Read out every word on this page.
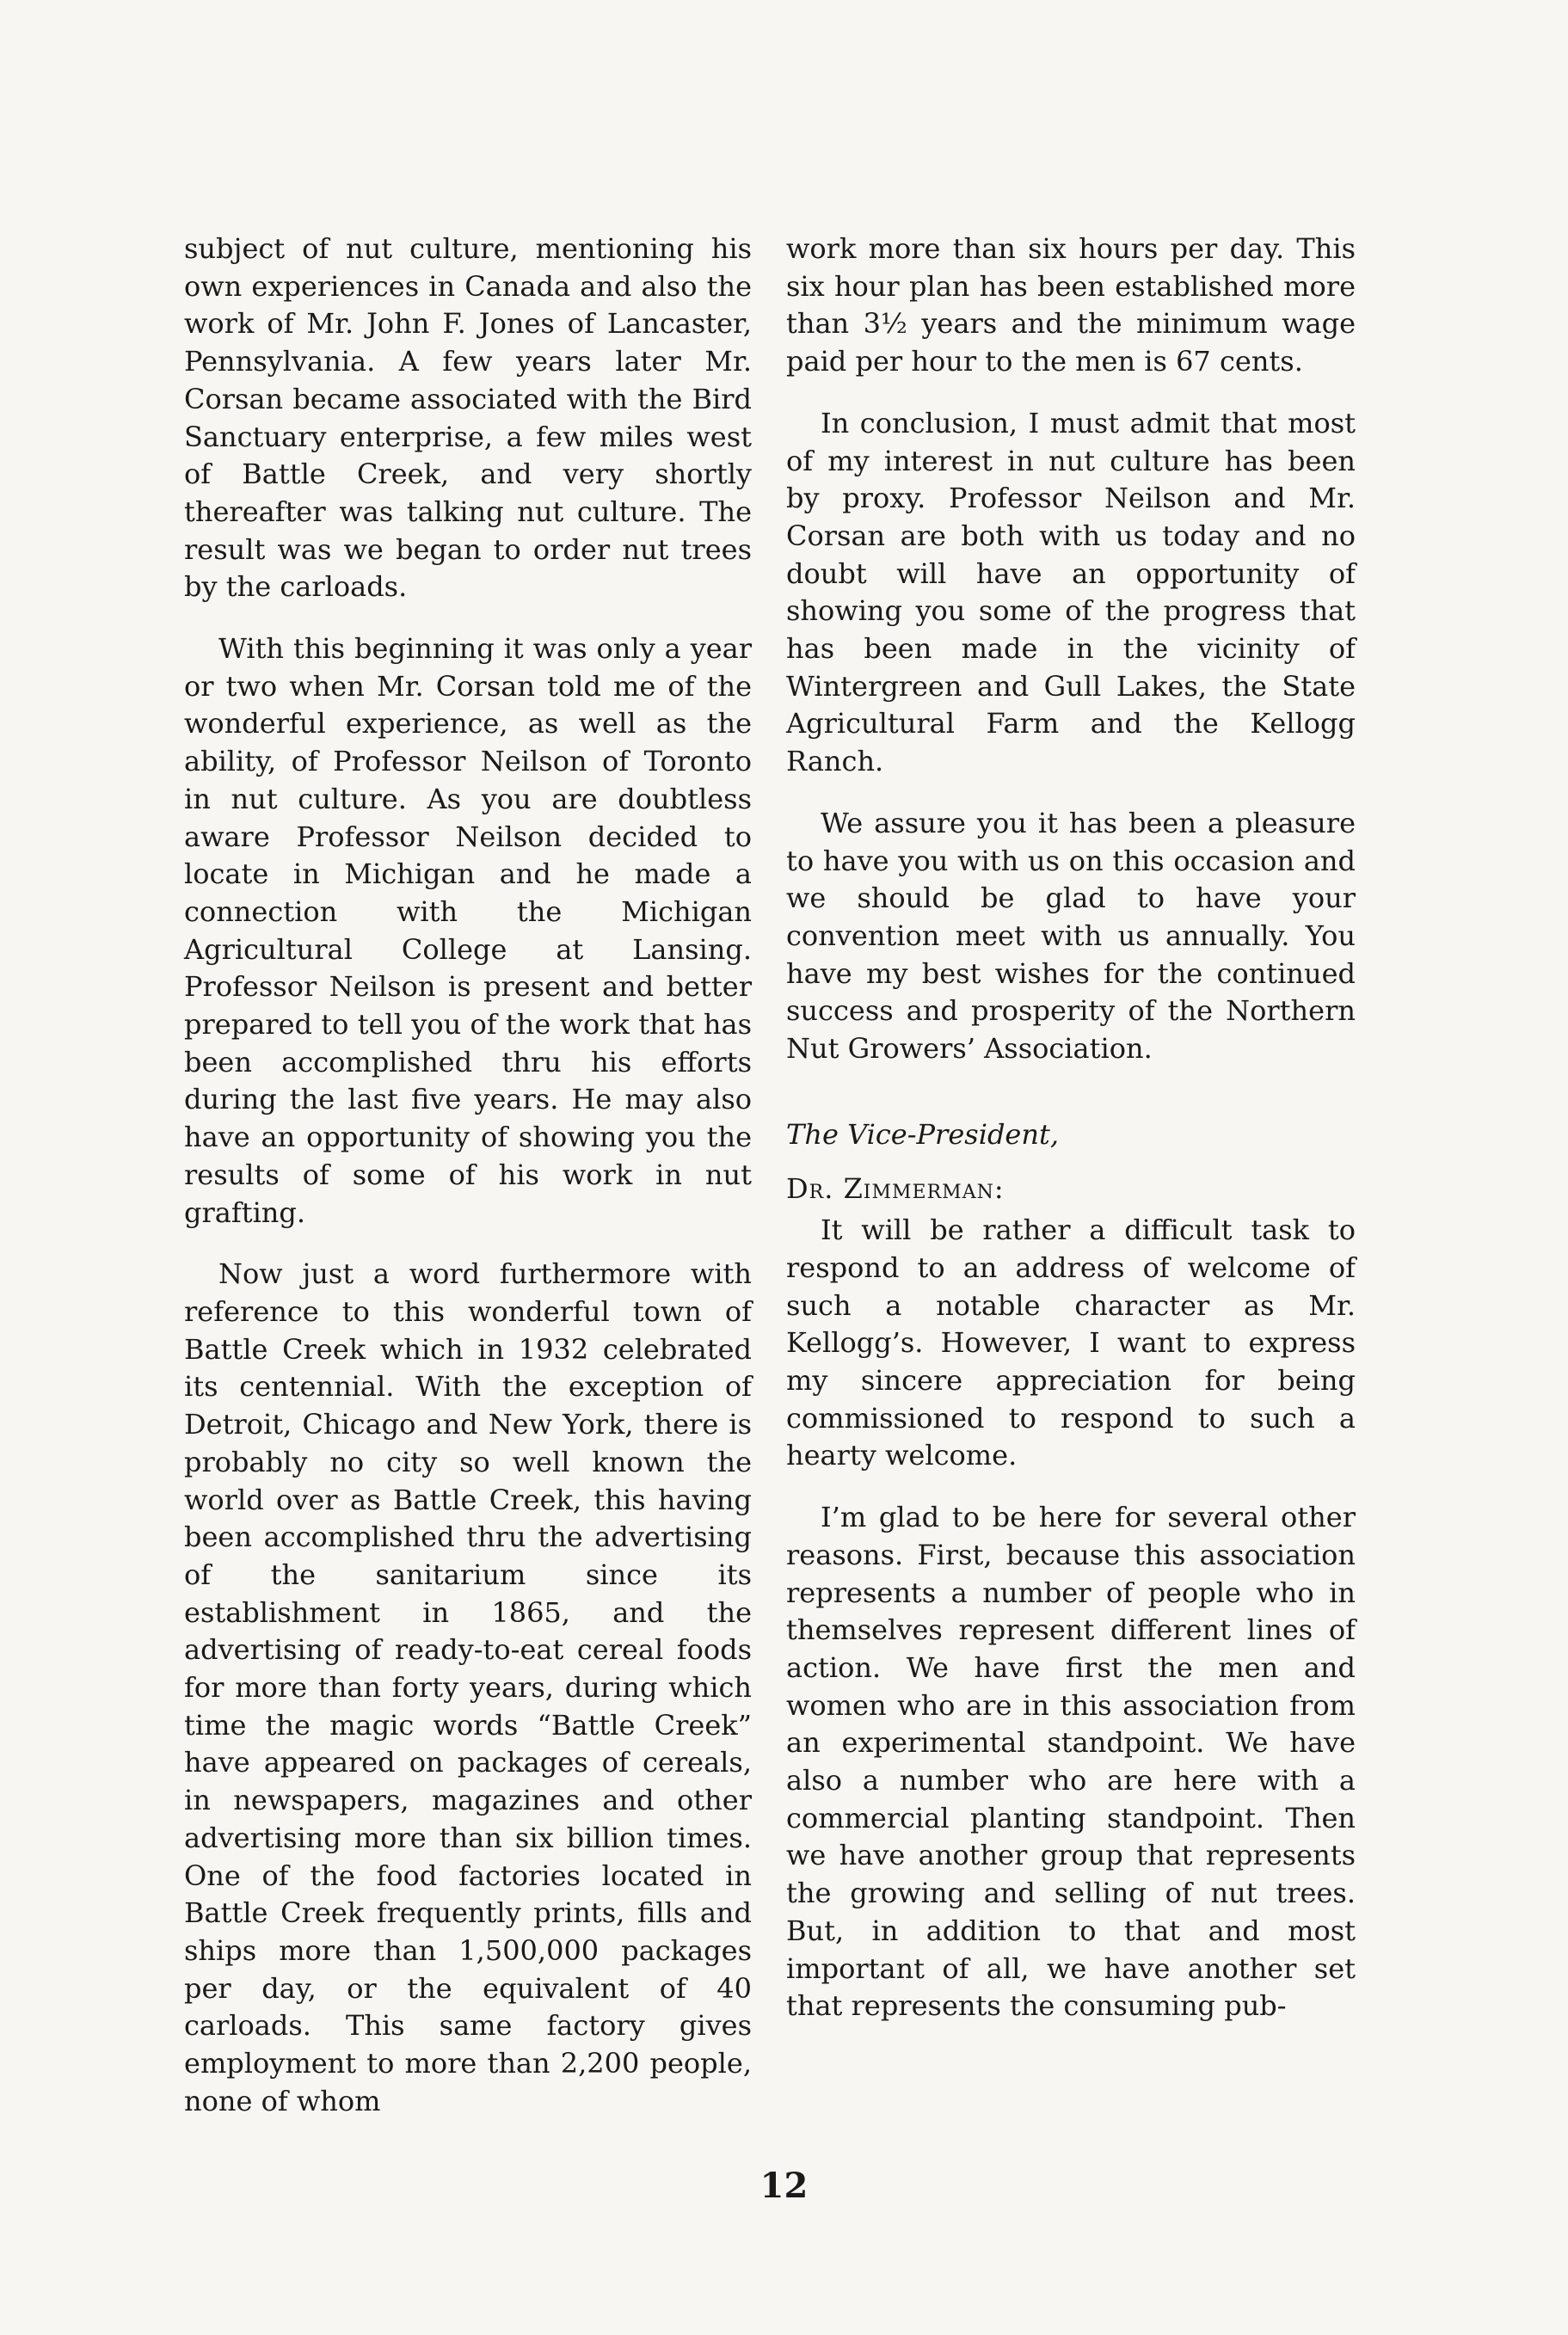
subject of nut culture, mentioning his own experiences in Canada and also the work of Mr. John F. Jones of Lancaster, Pennsylvania. A few years later Mr. Corsan became associated with the Bird Sanctuary enterprise, a few miles west of Battle Creek, and very shortly thereafter was talking nut culture. The result was we began to order nut trees by the carloads.

With this beginning it was only a year or two when Mr. Corsan told me of the wonderful experience, as well as the ability, of Professor Neilson of Toronto in nut culture. As you are doubtless aware Professor Neilson decided to locate in Michigan and he made a connection with the Michigan Agricultural College at Lansing. Professor Neilson is present and better prepared to tell you of the work that has been accomplished thru his efforts during the last five years. He may also have an opportunity of showing you the results of some of his work in nut grafting.

Now just a word furthermore with reference to this wonderful town of Battle Creek which in 1932 celebrated its centennial. With the exception of Detroit, Chicago and New York, there is probably no city so well known the world over as Battle Creek, this having been accomplished thru the advertising of the sanitarium since its establishment in 1865, and the advertising of ready-to-eat cereal foods for more than forty years, during which time the magic words “Battle Creek” have appeared on packages of cereals, in newspapers, magazines and other advertising more than six billion times. One of the food factories located in Battle Creek frequently prints, fills and ships more than 1,500,000 packages per day, or the equivalent of 40 carloads. This same factory gives employment to more than 2,200 people, none of whom

work more than six hours per day. This six hour plan has been established more than 3½ years and the minimum wage paid per hour to the men is 67 cents.

In conclusion, I must admit that most of my interest in nut culture has been by proxy. Professor Neilson and Mr. Corsan are both with us today and no doubt will have an opportunity of showing you some of the progress that has been made in the vicinity of Wintergreen and Gull Lakes, the State Agricultural Farm and the Kellogg Ranch.

We assure you it has been a pleasure to have you with us on this occasion and we should be glad to have your convention meet with us annually. You have my best wishes for the continued success and prosperity of the Northern Nut Growers’ Association.

The Vice-President,

Dr. Zimmerman:

It will be rather a difficult task to respond to an address of welcome of such a notable character as Mr. Kellogg’s. However, I want to express my sincere appreciation for being commissioned to respond to such a hearty welcome.

I’m glad to be here for several other reasons. First, because this association represents a number of people who in themselves represent different lines of action. We have first the men and women who are in this association from an experimental standpoint. We have also a number who are here with a commercial planting standpoint. Then we have another group that represents the growing and selling of nut trees. But, in addition to that and most important of all, we have another set that represents the consuming pub-

12
